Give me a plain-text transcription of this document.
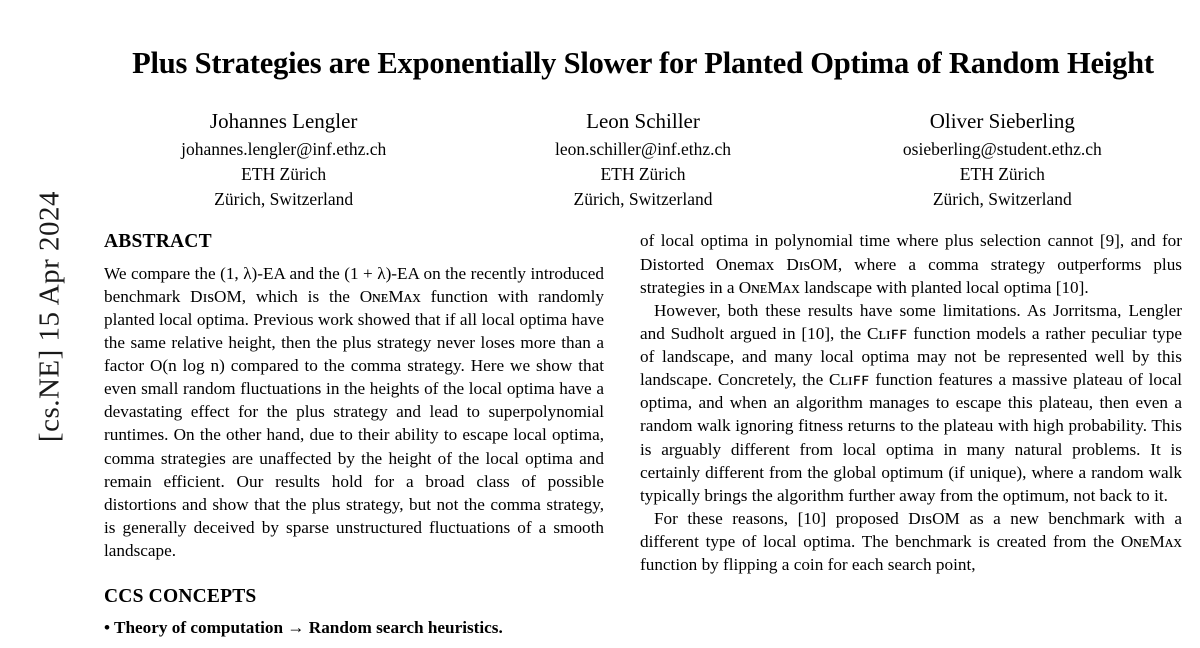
[cs.NE] 15 Apr 2024
Plus Strategies are Exponentially Slower for Planted Optima of Random Height
Johannes Lengler
johannes.lengler@inf.ethz.ch
ETH Zürich
Zürich, Switzerland
Leon Schiller
leon.schiller@inf.ethz.ch
ETH Zürich
Zürich, Switzerland
Oliver Sieberling
osieberling@student.ethz.ch
ETH Zürich
Zürich, Switzerland
ABSTRACT

We compare the (1, λ)-EA and the (1 + λ)-EA on the recently introduced benchmark DɪsОM, which is the OɴᴇMᴀx function with randomly planted local optima. Previous work showed that if all local optima have the same relative height, then the plus strategy never loses more than a factor O(n log n) compared to the comma strategy. Here we show that even small random fluctuations in the heights of the local optima have a devastating effect for the plus strategy and lead to superpolynomial runtimes. On the other hand, due to their ability to escape local optima, comma strategies are unaffected by the height of the local optima and remain efficient. Our results hold for a broad class of possible distortions and show that the plus strategy, but not the comma strategy, is generally deceived by sparse unstructured fluctuations of a smooth landscape.

CCS CONCEPTS
• Theory of computation → Random search heuristics.

of local optima in polynomial time where plus selection cannot [9], and for Distorted Onemax DɪsОM, where a comma strategy outperforms plus strategies in a OɴᴇMᴀx landscape with planted local optima [10].

However, both these results have some limitations. As Jorritsma, Lengler and Sudholt argued in [10], the Cʟɪꜰꜰ function models a rather peculiar type of landscape, and many local optima may not be represented well by this landscape. Concretely, the Cʟɪꜰꜰ function features a massive plateau of local optima, and when an algorithm manages to escape this plateau, then even a random walk ignoring fitness returns to the plateau with high probability. This is arguably different from local optima in many natural problems. It is certainly different from the global optimum (if unique), where a random walk typically brings the algorithm further away from the optimum, not back to it.

For these reasons, [10] proposed DɪsОM as a new benchmark with a different type of local optima. The benchmark is created from the OɴᴇMᴀx function by flipping a coin for each search point,
